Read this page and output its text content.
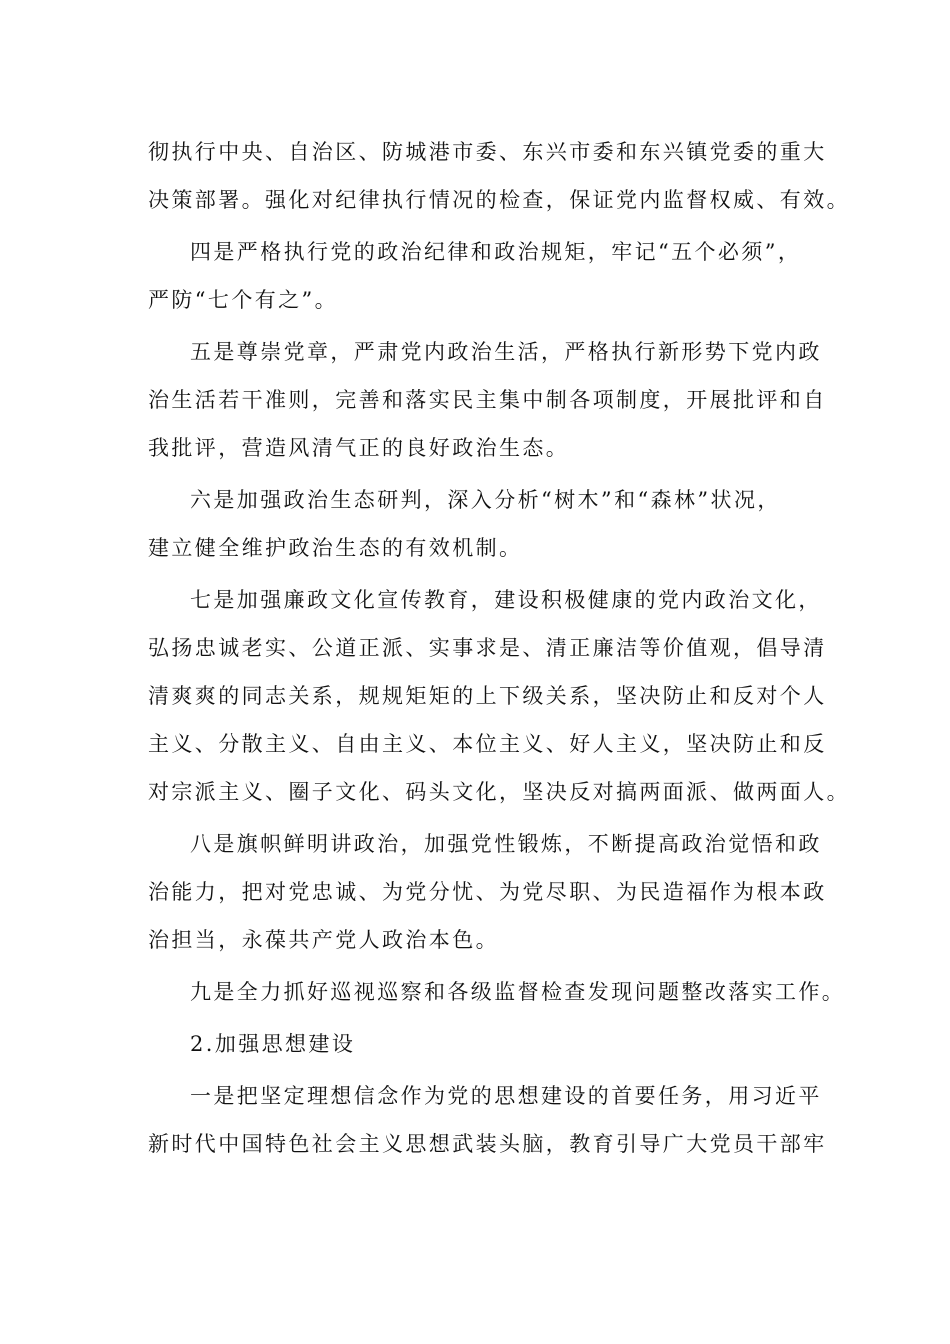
彻执行中央、自治区、防城港市委、东兴市委和东兴镇党委的重大
决策部署。强化对纪律执行情况的检查，保证党内监督权威、有效。
四是严格执行党的政治纪律和政治规矩，牢记“五个必须”，
严防“七个有之”。
五是尊崇党章，严肃党内政治生活，严格执行新形势下党内政
治生活若干准则，完善和落实民主集中制各项制度，开展批评和自
我批评，营造风清气正的良好政治生态。
六是加强政治生态研判，深入分析“树木”和“森林”状况，
建立健全维护政治生态的有效机制。
七是加强廉政文化宣传教育，建设积极健康的党内政治文化，
弘扬忠诚老实、公道正派、实事求是、清正廉洁等价值观，倡导清
清爽爽的同志关系，规规矩矩的上下级关系，坚决防止和反对个人
主义、分散主义、自由主义、本位主义、好人主义，坚决防止和反
对宗派主义、圈子文化、码头文化，坚决反对搞两面派、做两面人。
八是旗帜鲜明讲政治，加强党性锻炼，不断提高政治觉悟和政
治能力，把对党忠诚、为党分忧、为党尽职、为民造福作为根本政
治担当，永葆共产党人政治本色。
九是全力抓好巡视巡察和各级监督检查发现问题整改落实工作。
2.加强思想建设
一是把坚定理想信念作为党的思想建设的首要任务，用习近平
新时代中国特色社会主义思想武装头脑，教育引导广大党员干部牢
